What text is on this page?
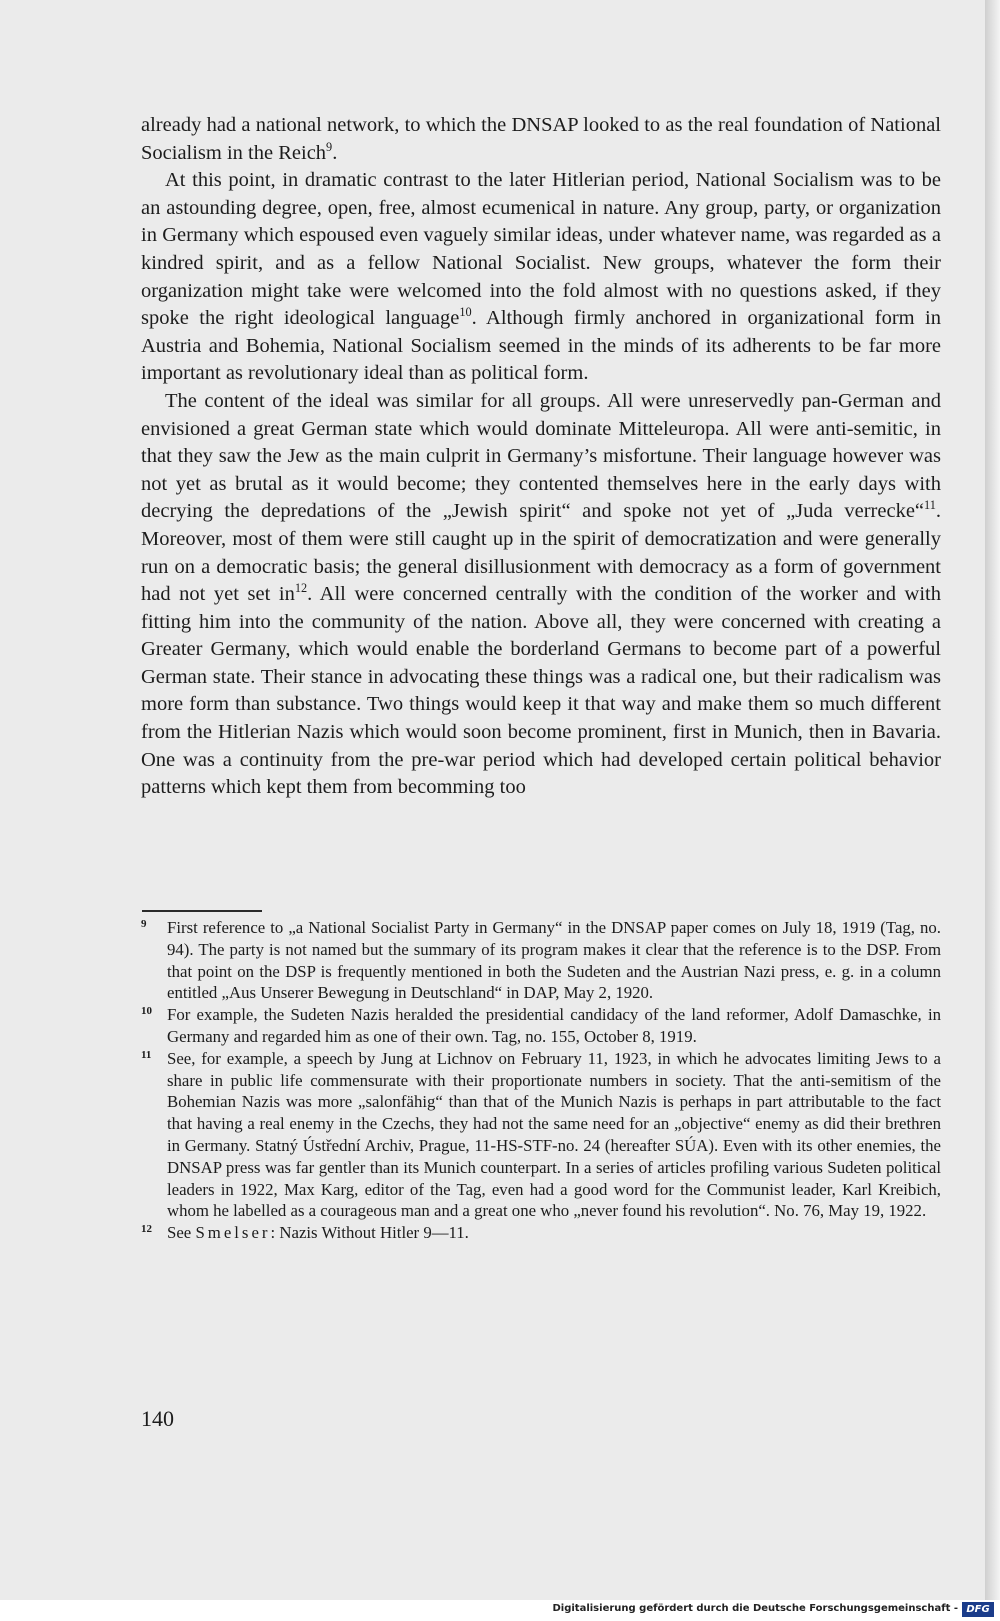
already had a national network, to which the DNSAP looked to as the real foundation of National Socialism in the Reich$^9$.

At this point, in dramatic contrast to the later Hitlerian period, National Socialism was to be an astounding degree, open, free, almost ecumenical in nature. Any group, party, or organization in Germany which espoused even vaguely similar ideas, under whatever name, was regarded as a kindred spirit, and as a fellow National Socialist. New groups, whatever the form their organization might take were welcomed into the fold almost with no questions asked, if they spoke the right ideological language$^{10}$. Although firmly anchored in organizational form in Austria and Bohemia, National Socialism seemed in the minds of its adherents to be far more important as revolutionary ideal than as political form.

The content of the ideal was similar for all groups. All were unreservedly pan-German and envisioned a great German state which would dominate Mitteleuropa. All were anti-semitic, in that they saw the Jew as the main culprit in Germany’s misfortune. Their language however was not yet as brutal as it would become; they contented themselves here in the early days with decrying the depredations of the „Jewish spirit“ and spoke not yet of „Juda verrecke“$^{11}$. Moreover, most of them were still caught up in the spirit of democratization and were generally run on a democratic basis; the general disillusionment with democracy as a form of government had not yet set $in^{12}$. All were concerned centrally with the condition of the worker and with fitting him into the community of the nation. Above all, they were concerned with creating a Greater Germany, which would enable the borderland Germans to become part of a powerful German state. Their stance in advocating these things was a radical one, but their radicalism was more form than substance. Two things would keep it that way and make them so much different from the Hitlerian Nazis which would soon become prominent, first in Munich, then in Bavaria. One was a continuity from the pre-war period which had developed certain political behavior patterns which kept them from becomming too

9 First reference to „a National Socialist Party in Germany“ in the DNSAP paper comes on July 18, 1919 (Tag, no. 94). The party is not named but the summary of its program makes it clear that the reference is to the DSP. From that point on the DSP is frequently mentioned in both the Sudeten and the Austrian Nazi press, e. g. in a column entitled „Aus Unserer Bewegung in Deutschland“ in DAP, May 2, 1920.

10 For example, the Sudeten Nazis heralded the presidential candidacy of the land reformer, Adolf Damaschke, in Germany and regarded him as one of their own. Tag, no. 155, October 8, 1919.

11 See, for example, a speech by Jung at Lichnov on February 11, 1923, in which he advocates limiting Jews to a share in public life commensurate with their proportionate numbers in society. That the anti-semitism of the Bohemian Nazis was more „salonfähig“ than that of the Munich Nazis is perhaps in part attributable to the fact that having a real enemy in the Czechs, they had not the same need for an „objective“ enemy as did their brethren in Germany. Statný Ústřední Archiv, Prague, 11-HS-STF-no. 24 (hereafter SÚA). Even with its other enemies, the DNSAP press was far gentler than its Munich counterpart. In a series of articles profiling various Sudeten political leaders in 1922, Max Karg, editor of the Tag, even had a good word for the Communist leader, Karl Kreibich, whom he labelled as a courageous man and a great one who „never found his revolution“. No. 76, May 19, 1922.

12 See Smelser: Nazis Without Hitler 9—11.

140
Digitalisierung gefördert durch die Deutsche Forschungsgemeinschaft - DFG
